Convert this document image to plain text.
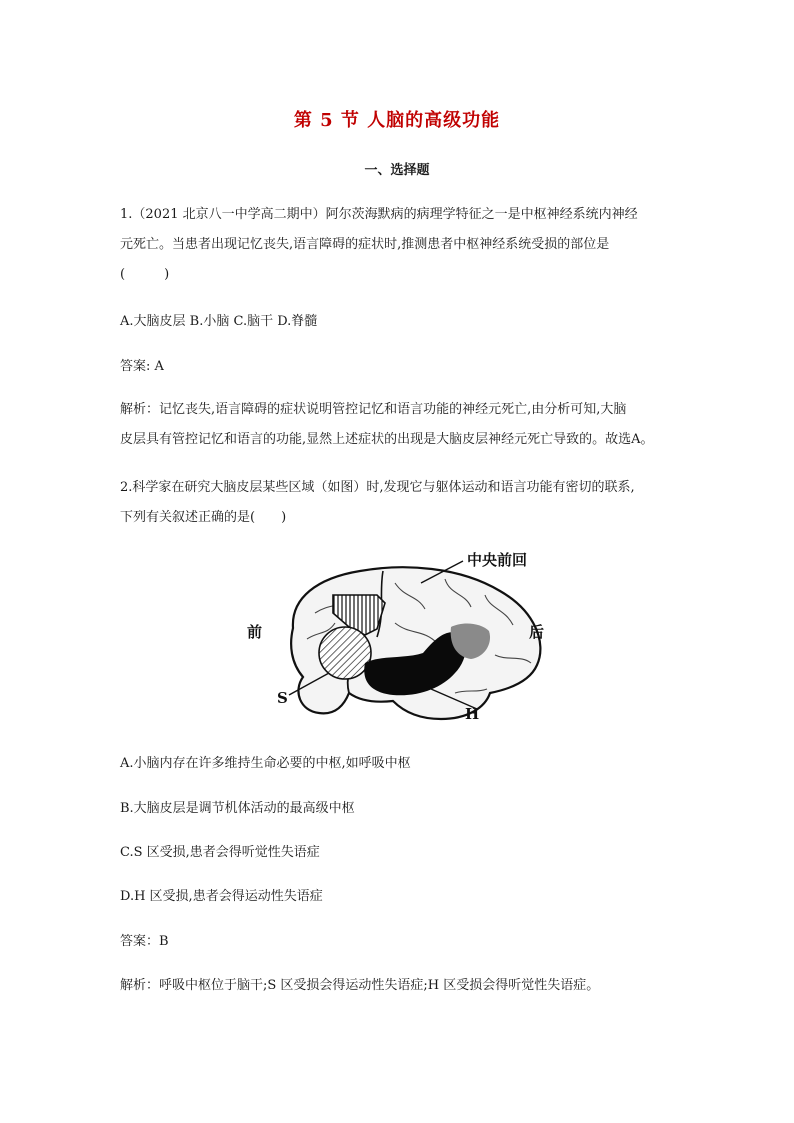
第 5 节 人脑的高级功能
一、选择题
1.（2021 北京八一中学高二期中）阿尔茨海默病的病理学特征之一是中枢神经系统内神经
元死亡。当患者出现记忆丧失,语言障碍的症状时,推测患者中枢神经系统受损的部位是
(　　　)
A.大脑皮层 B.小脑 C.脑干 D.脊髓
答案: A
解析：记忆丧失,语言障碍的症状说明管控记忆和语言功能的神经元死亡,由分析可知,大脑
皮层具有管控记忆和语言的功能,显然上述症状的出现是大脑皮层神经元死亡导致的。故选A。
2.科学家在研究大脑皮层某些区域（如图）时,发现它与躯体运动和语言功能有密切的联系,
下列有关叙述正确的是(　　)
中央前回
前	后
S
H
A.小脑内存在许多维持生命必要的中枢,如呼吸中枢
B.大脑皮层是调节机体活动的最高级中枢
C.S 区受损,患者会得听觉性失语症
D.H 区受损,患者会得运动性失语症
答案：B
解析：呼吸中枢位于脑干;S 区受损会得运动性失语症;H 区受损会得听觉性失语症。
